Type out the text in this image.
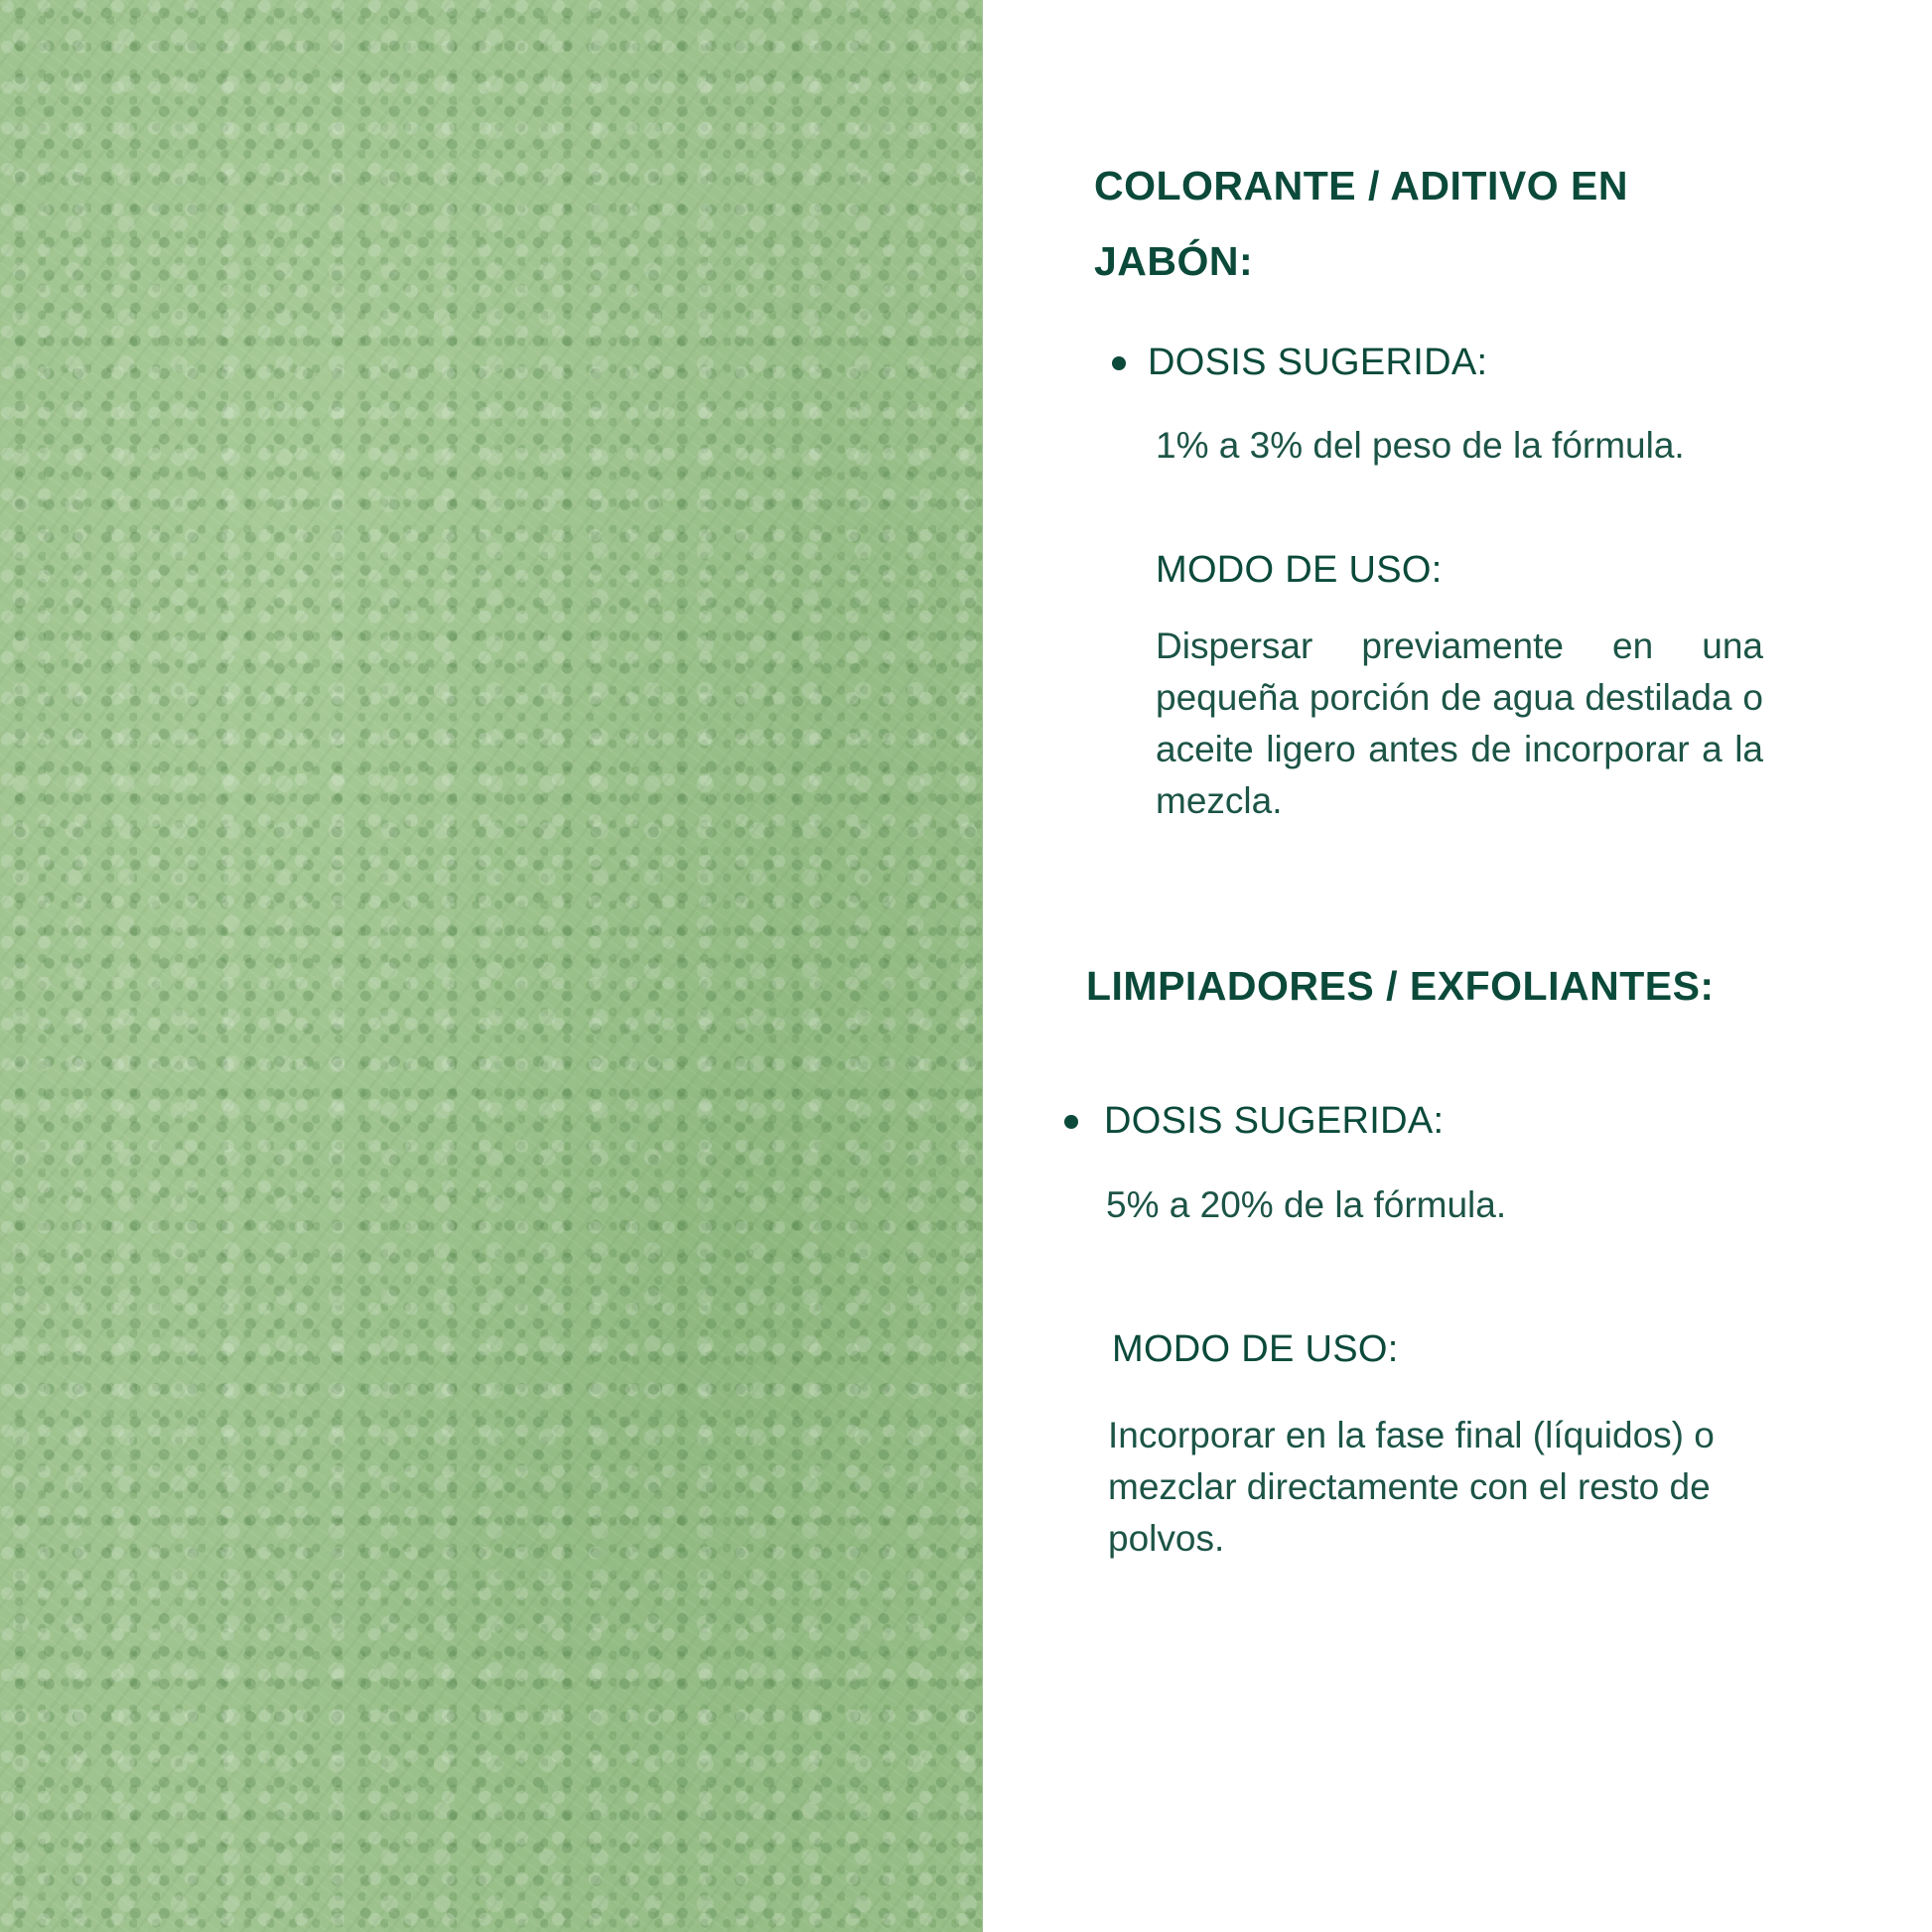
COLORANTE / ADITIVO EN JABÓN:
DOSIS SUGERIDA:

1% a 3% del peso de la fórmula.

MODO DE USO:

Dispersar previamente en una pequeña porción de agua destilada o aceite ligero antes de incorporar a la mezcla.

LIMPIADORES / EXFOLIANTES:
DOSIS SUGERIDA:

5% a 20% de la fórmula.

MODO DE USO:

Incorporar en la fase final (líquidos) o mezclar directamente con el resto de polvos.
